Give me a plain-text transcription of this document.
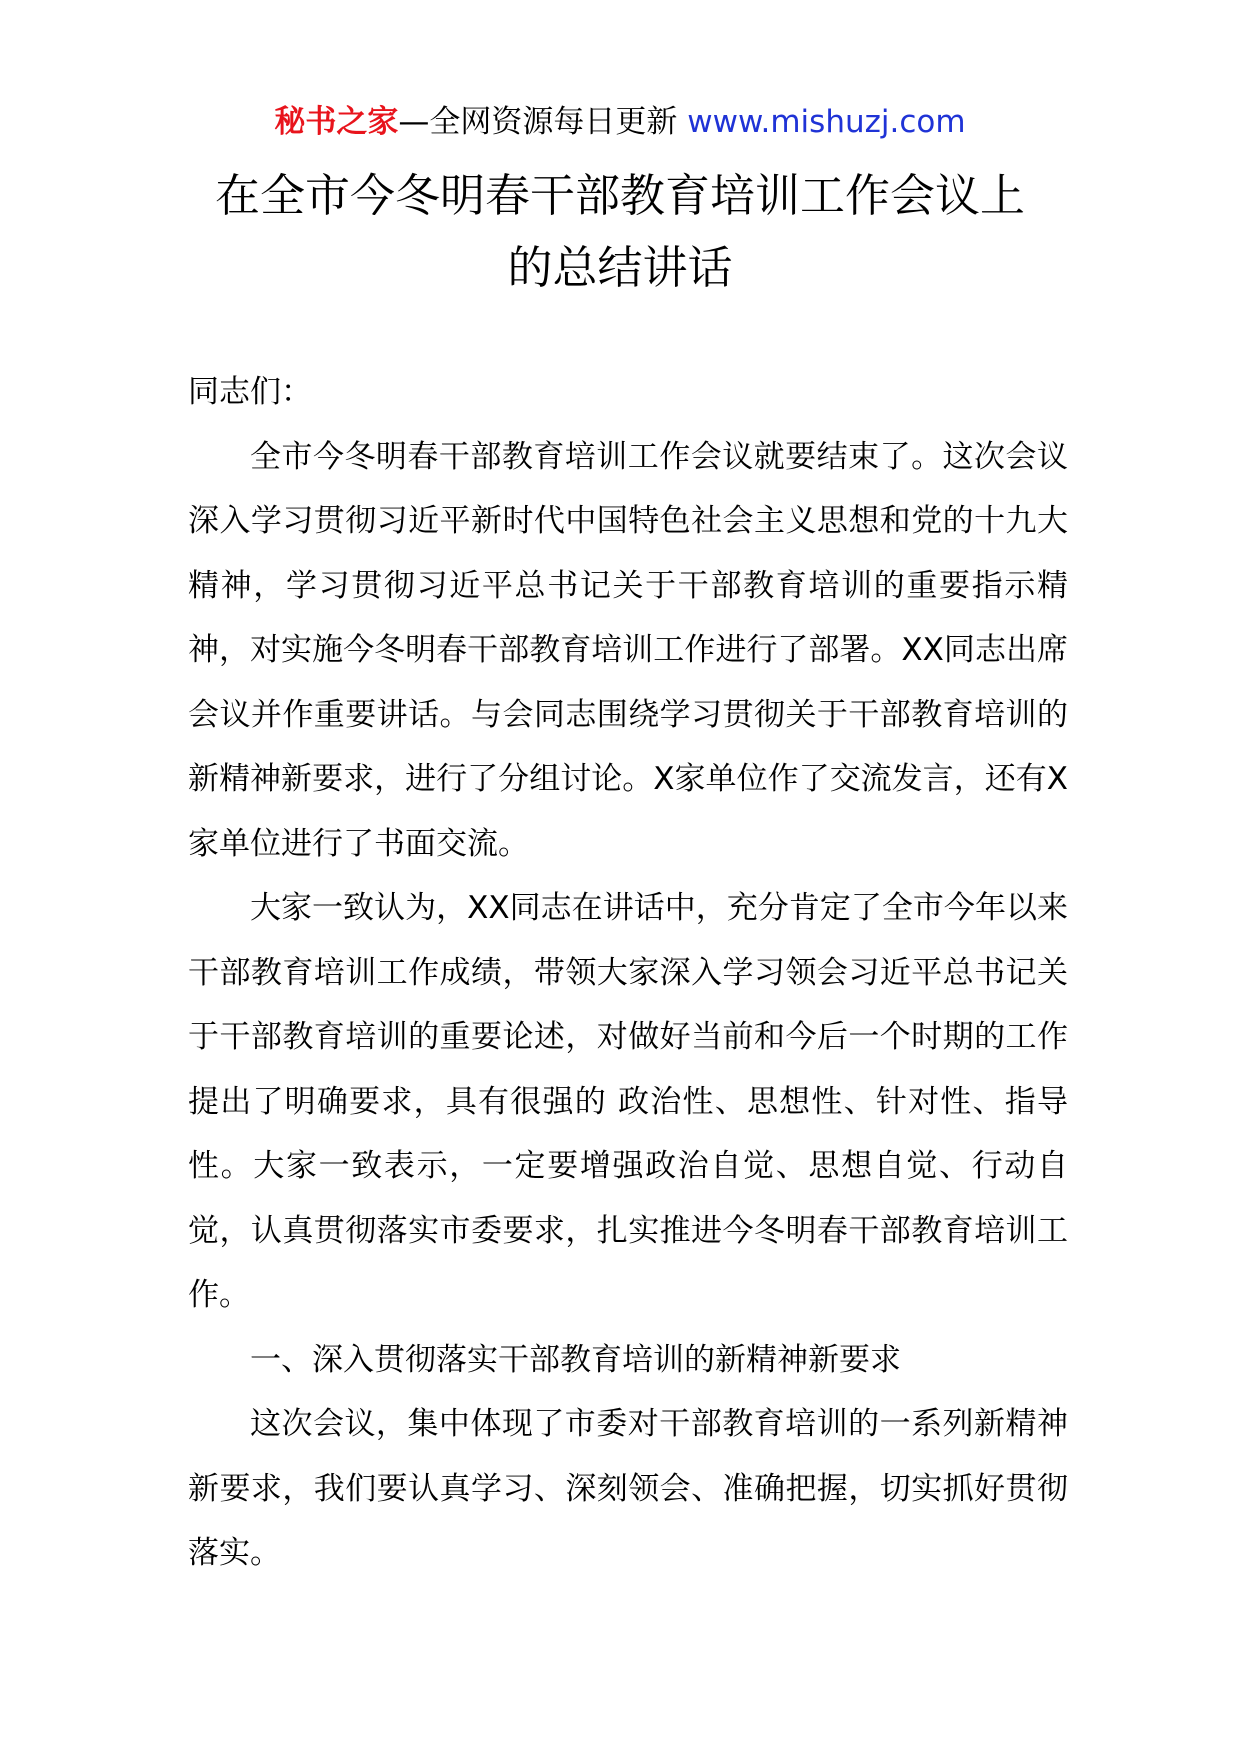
秘书之家—全网资源每日更新 www.mishuzj.com
在全市今冬明春干部教育培训工作会议上
的总结讲话

同志们：

全市今冬明春干部教育培训工作会议就要结束了。这次会议深入学习贯彻习近平新时代中国特色社会主义思想和党的十九大精神，学习贯彻习近平总书记关于干部教育培训的重要指示精神，对实施今冬明春干部教育培训工作进行了部署。XX同志出席会议并作重要讲话。与会同志围绕学习贯彻关于干部教育培训的新精神新要求，进行了分组讨论。X家单位作了交流发言，还有X家单位进行了书面交流。

大家一致认为，XX同志在讲话中，充分肯定了全市今年以来干部教育培训工作成绩，带领大家深入学习领会习近平总书记关于干部教育培训的重要论述，对做好当前和今后一个时期的工作提出了明确要求，具有很强的 政治性、思想性、针对性、指导性。大家一致表示，一定要增强政治自觉、思想自觉、行动自觉，认真贯彻落实市委要求，扎实推进今冬明春干部教育培训工作。

一、深入贯彻落实干部教育培训的新精神新要求

这次会议，集中体现了市委对干部教育培训的一系列新精神新要求，我们要认真学习、深刻领会、准确把握，切实抓好贯彻落实。
